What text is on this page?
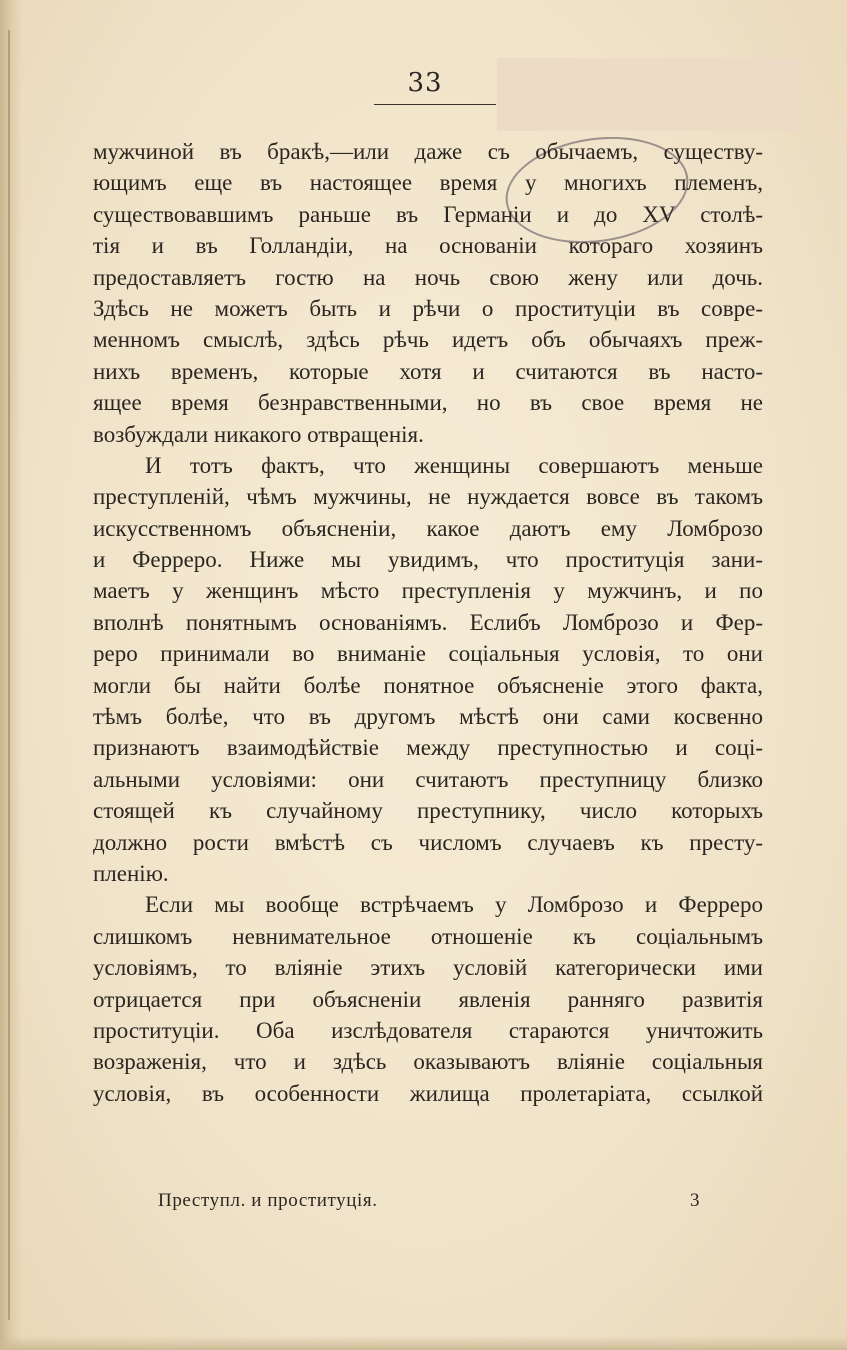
33
мужчиной въ бракѣ,—или даже съ обычаемъ, существу-
ющимъ еще въ настоящее время у многихъ племенъ,
существовавшимъ раньше въ Германіи и до XV столѣ-
тія и въ Голландіи, на основаніи котораго хозяинъ
предоставляетъ гостю на ночь свою жену или дочь.
Здѣсь не можетъ быть и рѣчи о проституціи въ совре-
менномъ смыслѣ, здѣсь рѣчь идетъ объ обычаяхъ преж-
нихъ временъ, которые хотя и считаются въ насто-
ящее время безнравственными, но въ свое время не
возбуждали никакого отвращенія.
И тотъ фактъ, что женщины совершаютъ меньше
преступленій, чѣмъ мужчины, не нуждается вовсе въ такомъ
искусственномъ объясненіи, какое даютъ ему Ломброзо
и Ферреро. Ниже мы увидимъ, что проституція зани-
маетъ у женщинъ мѣсто преступленія у мужчинъ, и по
вполнѣ понятнымъ основаніямъ. Еслибъ Ломброзо и Фер-
реро принимали во вниманіе соціальныя условія, то они
могли бы найти болѣе понятное объясненіе этого факта,
тѣмъ болѣе, что въ другомъ мѣстѣ они сами косвенно
признаютъ взаимодѣйствіе между преступностью и соці-
альными условіями: они считаютъ преступницу близко
стоящей къ случайному преступнику, число которыхъ
должно рости вмѣстѣ съ числомъ случаевъ къ престу-
пленію.
Если мы вообще встрѣчаемъ у Ломброзо и Ферреро
слишкомъ невнимательное отношеніе къ соціальнымъ
условіямъ, то вліяніе этихъ условій категорически ими
отрицается при объясненіи явленія ранняго развитія
проституціи. Оба изслѣдователя стараются уничтожить
возраженія, что и здѣсь оказываютъ вліяніе соціальныя
условія, въ особенности жилища пролетаріата, ссылкой
Преступл. и проституція.	3
